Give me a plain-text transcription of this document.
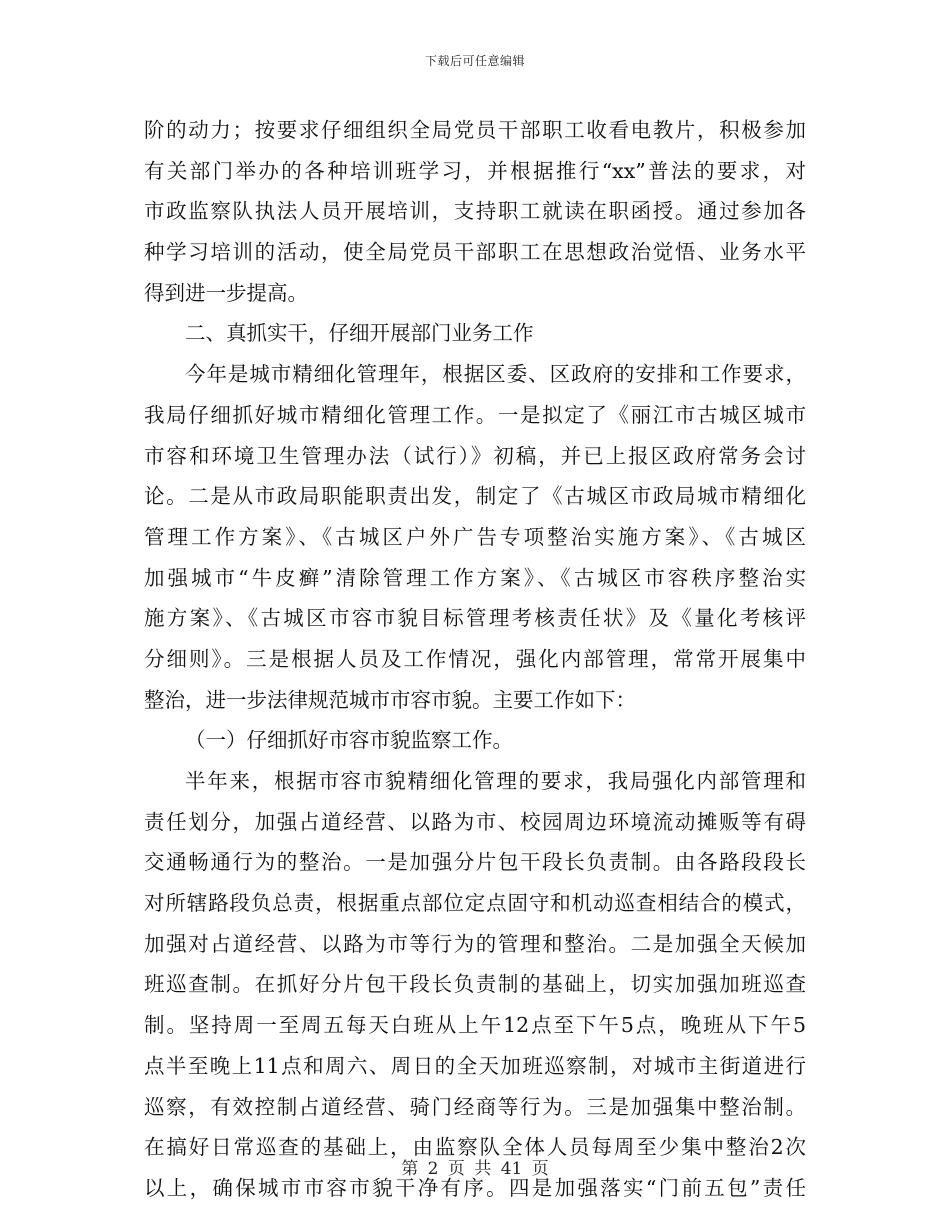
下载后可任意编辑
阶的动力；按要求仔细组织全局党员干部职工收看电教片，积极参加
有关部门举办的各种培训班学习，并根据推行“xx”普法的要求，对
市政监察队执法人员开展培训，支持职工就读在职函授。通过参加各
种学习培训的活动，使全局党员干部职工在思想政治觉悟、业务水平
得到进一步提高。
二、真抓实干，仔细开展部门业务工作
今年是城市精细化管理年，根据区委、区政府的安排和工作要求，
我局仔细抓好城市精细化管理工作。一是拟定了《丽江市古城区城市
市容和环境卫生管理办法（试行）》初稿，并已上报区政府常务会讨
论。二是从市政局职能职责出发，制定了《古城区市政局城市精细化
管理工作方案》、《古城区户外广告专项整治实施方案》、《古城区
加强城市“牛皮癣”清除管理工作方案》、《古城区市容秩序整治实
施方案》、《古城区市容市貌目标管理考核责任状》及《量化考核评
分细则》。三是根据人员及工作情况，强化内部管理，常常开展集中
整治，进一步法律规范城市市容市貌。主要工作如下：
（一）仔细抓好市容市貌监察工作。
半年来，根据市容市貌精细化管理的要求，我局强化内部管理和
责任划分，加强占道经营、以路为市、校园周边环境流动摊贩等有碍
交通畅通行为的整治。一是加强分片包干段长负责制。由各路段段长
对所辖路段负总责，根据重点部位定点固守和机动巡查相结合的模式，
加强对占道经营、以路为市等行为的管理和整治。二是加强全天候加
班巡查制。在抓好分片包干段长负责制的基础上，切实加强加班巡查
制。坚持周一至周五每天白班从上午12点至下午5点，晚班从下午5
点半至晚上11点和周六、周日的全天加班巡察制，对城市主街道进行
巡察，有效控制占道经营、骑门经商等行为。三是加强集中整治制。
在搞好日常巡查的基础上，由监察队全体人员每周至少集中整治2次
以上，确保城市市容市貌干净有序。四是加强落实“门前五包”责任
第 2 页 共 41 页
